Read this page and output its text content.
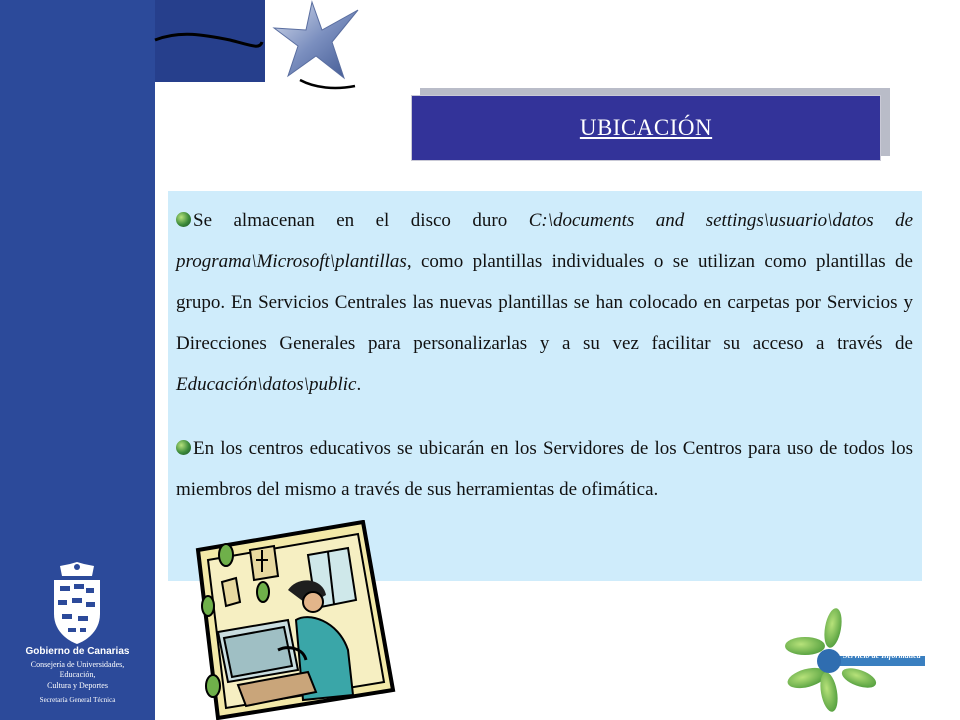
UBICACIÓN

Se almacenan en el disco duro C:\documents and settings\usuario\datos de programa\Microsoft\plantillas, como plantillas individuales o se utilizan como plantillas de grupo. En Servicios Centrales las nuevas plantillas se han colocado en carpetas por Servicios y Direcciones Generales para personalizarlas y a su vez facilitar su acceso a través de Educación\datos\public.

En los centros educativos se ubicarán en los Servidores de los Centros para uso de todos los miembros del mismo a través de sus herramientas de ofimática.

Gobierno de Canarias
Consejería de Universidades,
Educación,
Cultura y Deportes
Secretaría General Técnica
Servicio de Informática
